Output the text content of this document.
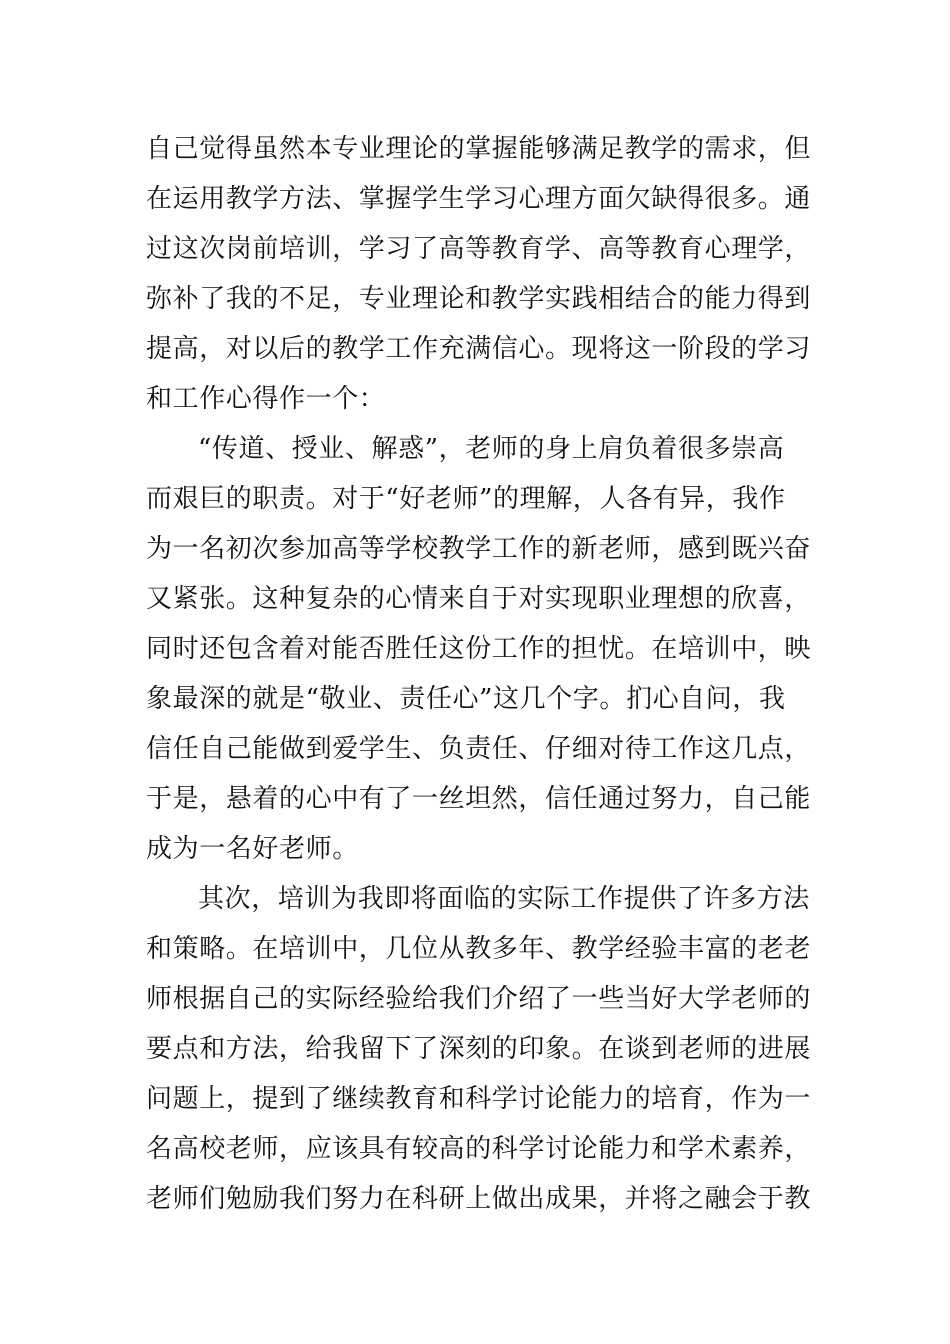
自己觉得虽然本专业理论的掌握能够满足教学的需求，但
在运用教学方法、掌握学生学习心理方面欠缺得很多。通
过这次岗前培训，学习了高等教育学、高等教育心理学，
弥补了我的不足，专业理论和教学实践相结合的能力得到
提高，对以后的教学工作充满信心。现将这一阶段的学习
和工作心得作一个：
“传道、授业、解惑”，老师的身上肩负着很多崇高
而艰巨的职责。对于“好老师”的理解，人各有异，我作
为一名初次参加高等学校教学工作的新老师，感到既兴奋
又紧张。这种复杂的心情来自于对实现职业理想的欣喜，
同时还包含着对能否胜任这份工作的担忧。在培训中，映
象最深的就是“敬业、责任心”这几个字。扪心自问，我
信任自己能做到爱学生、负责任、仔细对待工作这几点，
于是，悬着的心中有了一丝坦然，信任通过努力，自己能
成为一名好老师。
其次，培训为我即将面临的实际工作提供了许多方法
和策略。在培训中，几位从教多年、教学经验丰富的老老
师根据自己的实际经验给我们介绍了一些当好大学老师的
要点和方法，给我留下了深刻的印象。在谈到老师的进展
问题上，提到了继续教育和科学讨论能力的培育，作为一
名高校老师，应该具有较高的科学讨论能力和学术素养，
老师们勉励我们努力在科研上做出成果，并将之融会于教
